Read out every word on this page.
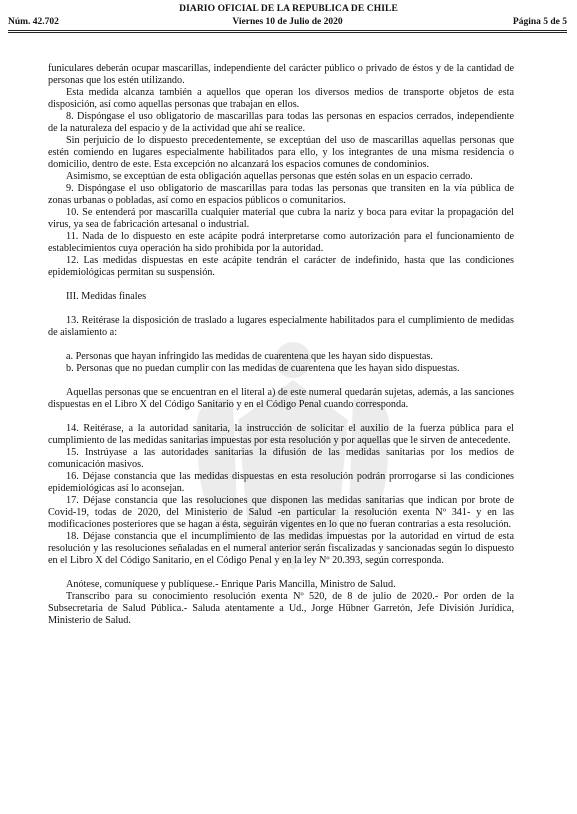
DIARIO OFICIAL DE LA REPUBLICA DE CHILE
Núm. 42.702	Viernes 10 de Julio de 2020	Página 5 de 5

funiculares deberán ocupar mascarillas, independiente del carácter público o privado de éstos y de la cantidad de personas que los estén utilizando.

Esta medida alcanza también a aquellos que operan los diversos medios de transporte objetos de esta disposición, así como aquellas personas que trabajan en ellos.

8. Dispóngase el uso obligatorio de mascarillas para todas las personas en espacios cerrados, independiente de la naturaleza del espacio y de la actividad que ahí se realice.

Sin perjuicio de lo dispuesto precedentemente, se exceptúan del uso de mascarillas aquellas personas que estén comiendo en lugares especialmente habilitados para ello, y los integrantes de una misma residencia o domicilio, dentro de este. Esta excepción no alcanzará los espacios comunes de condominios.

Asimismo, se exceptúan de esta obligación aquellas personas que estén solas en un espacio cerrado.

9. Dispóngase el uso obligatorio de mascarillas para todas las personas que transiten en la vía pública de zonas urbanas o pobladas, así como en espacios públicos o comunitarios.

10. Se entenderá por mascarilla cualquier material que cubra la nariz y boca para evitar la propagación del virus, ya sea de fabricación artesanal o industrial.

11. Nada de lo dispuesto en este acápite podrá interpretarse como autorización para el funcionamiento de establecimientos cuya operación ha sido prohibida por la autoridad.

12. Las medidas dispuestas en este acápite tendrán el carácter de indefinido, hasta que las condiciones epidemiológicas permitan su suspensión.

III. Medidas finales

13. Reitérase la disposición de traslado a lugares especialmente habilitados para el cumplimiento de medidas de aislamiento a:

a. Personas que hayan infringido las medidas de cuarentena que les hayan sido dispuestas.

b. Personas que no puedan cumplir con las medidas de cuarentena que les hayan sido dispuestas.

Aquellas personas que se encuentran en el literal a) de este numeral quedarán sujetas, además, a las sanciones dispuestas en el Libro X del Código Sanitario y en el Código Penal cuando corresponda.

14. Reitérase, a la autoridad sanitaria, la instrucción de solicitar el auxilio de la fuerza pública para el cumplimiento de las medidas sanitarias impuestas por esta resolución y por aquellas que le sirven de antecedente.

15. Instrúyase a las autoridades sanitarias la difusión de las medidas sanitarias por los medios de comunicación masivos.

16. Déjase constancia que las medidas dispuestas en esta resolución podrán prorrogarse si las condiciones epidemiológicas así lo aconsejan.

17. Déjase constancia que las resoluciones que disponen las medidas sanitarias que indican por brote de Covid-19, todas de 2020, del Ministerio de Salud -en particular la resolución exenta Nº 341- y en las modificaciones posteriores que se hagan a ésta, seguirán vigentes en lo que no fueran contrarias a esta resolución.

18. Déjase constancia que el incumplimiento de las medidas impuestas por la autoridad en virtud de esta resolución y las resoluciones señaladas en el numeral anterior serán fiscalizadas y sancionadas según lo dispuesto en el Libro X del Código Sanitario, en el Código Penal y en la ley Nº 20.393, según corresponda.

Anótese, comuníquese y publíquese.- Enrique Paris Mancilla, Ministro de Salud.

Transcribo para su conocimiento resolución exenta Nº 520, de 8 de julio de 2020.- Por orden de la Subsecretaria de Salud Pública.- Saluda atentamente a Ud., Jorge Hübner Garretón, Jefe División Jurídica, Ministerio de Salud.
